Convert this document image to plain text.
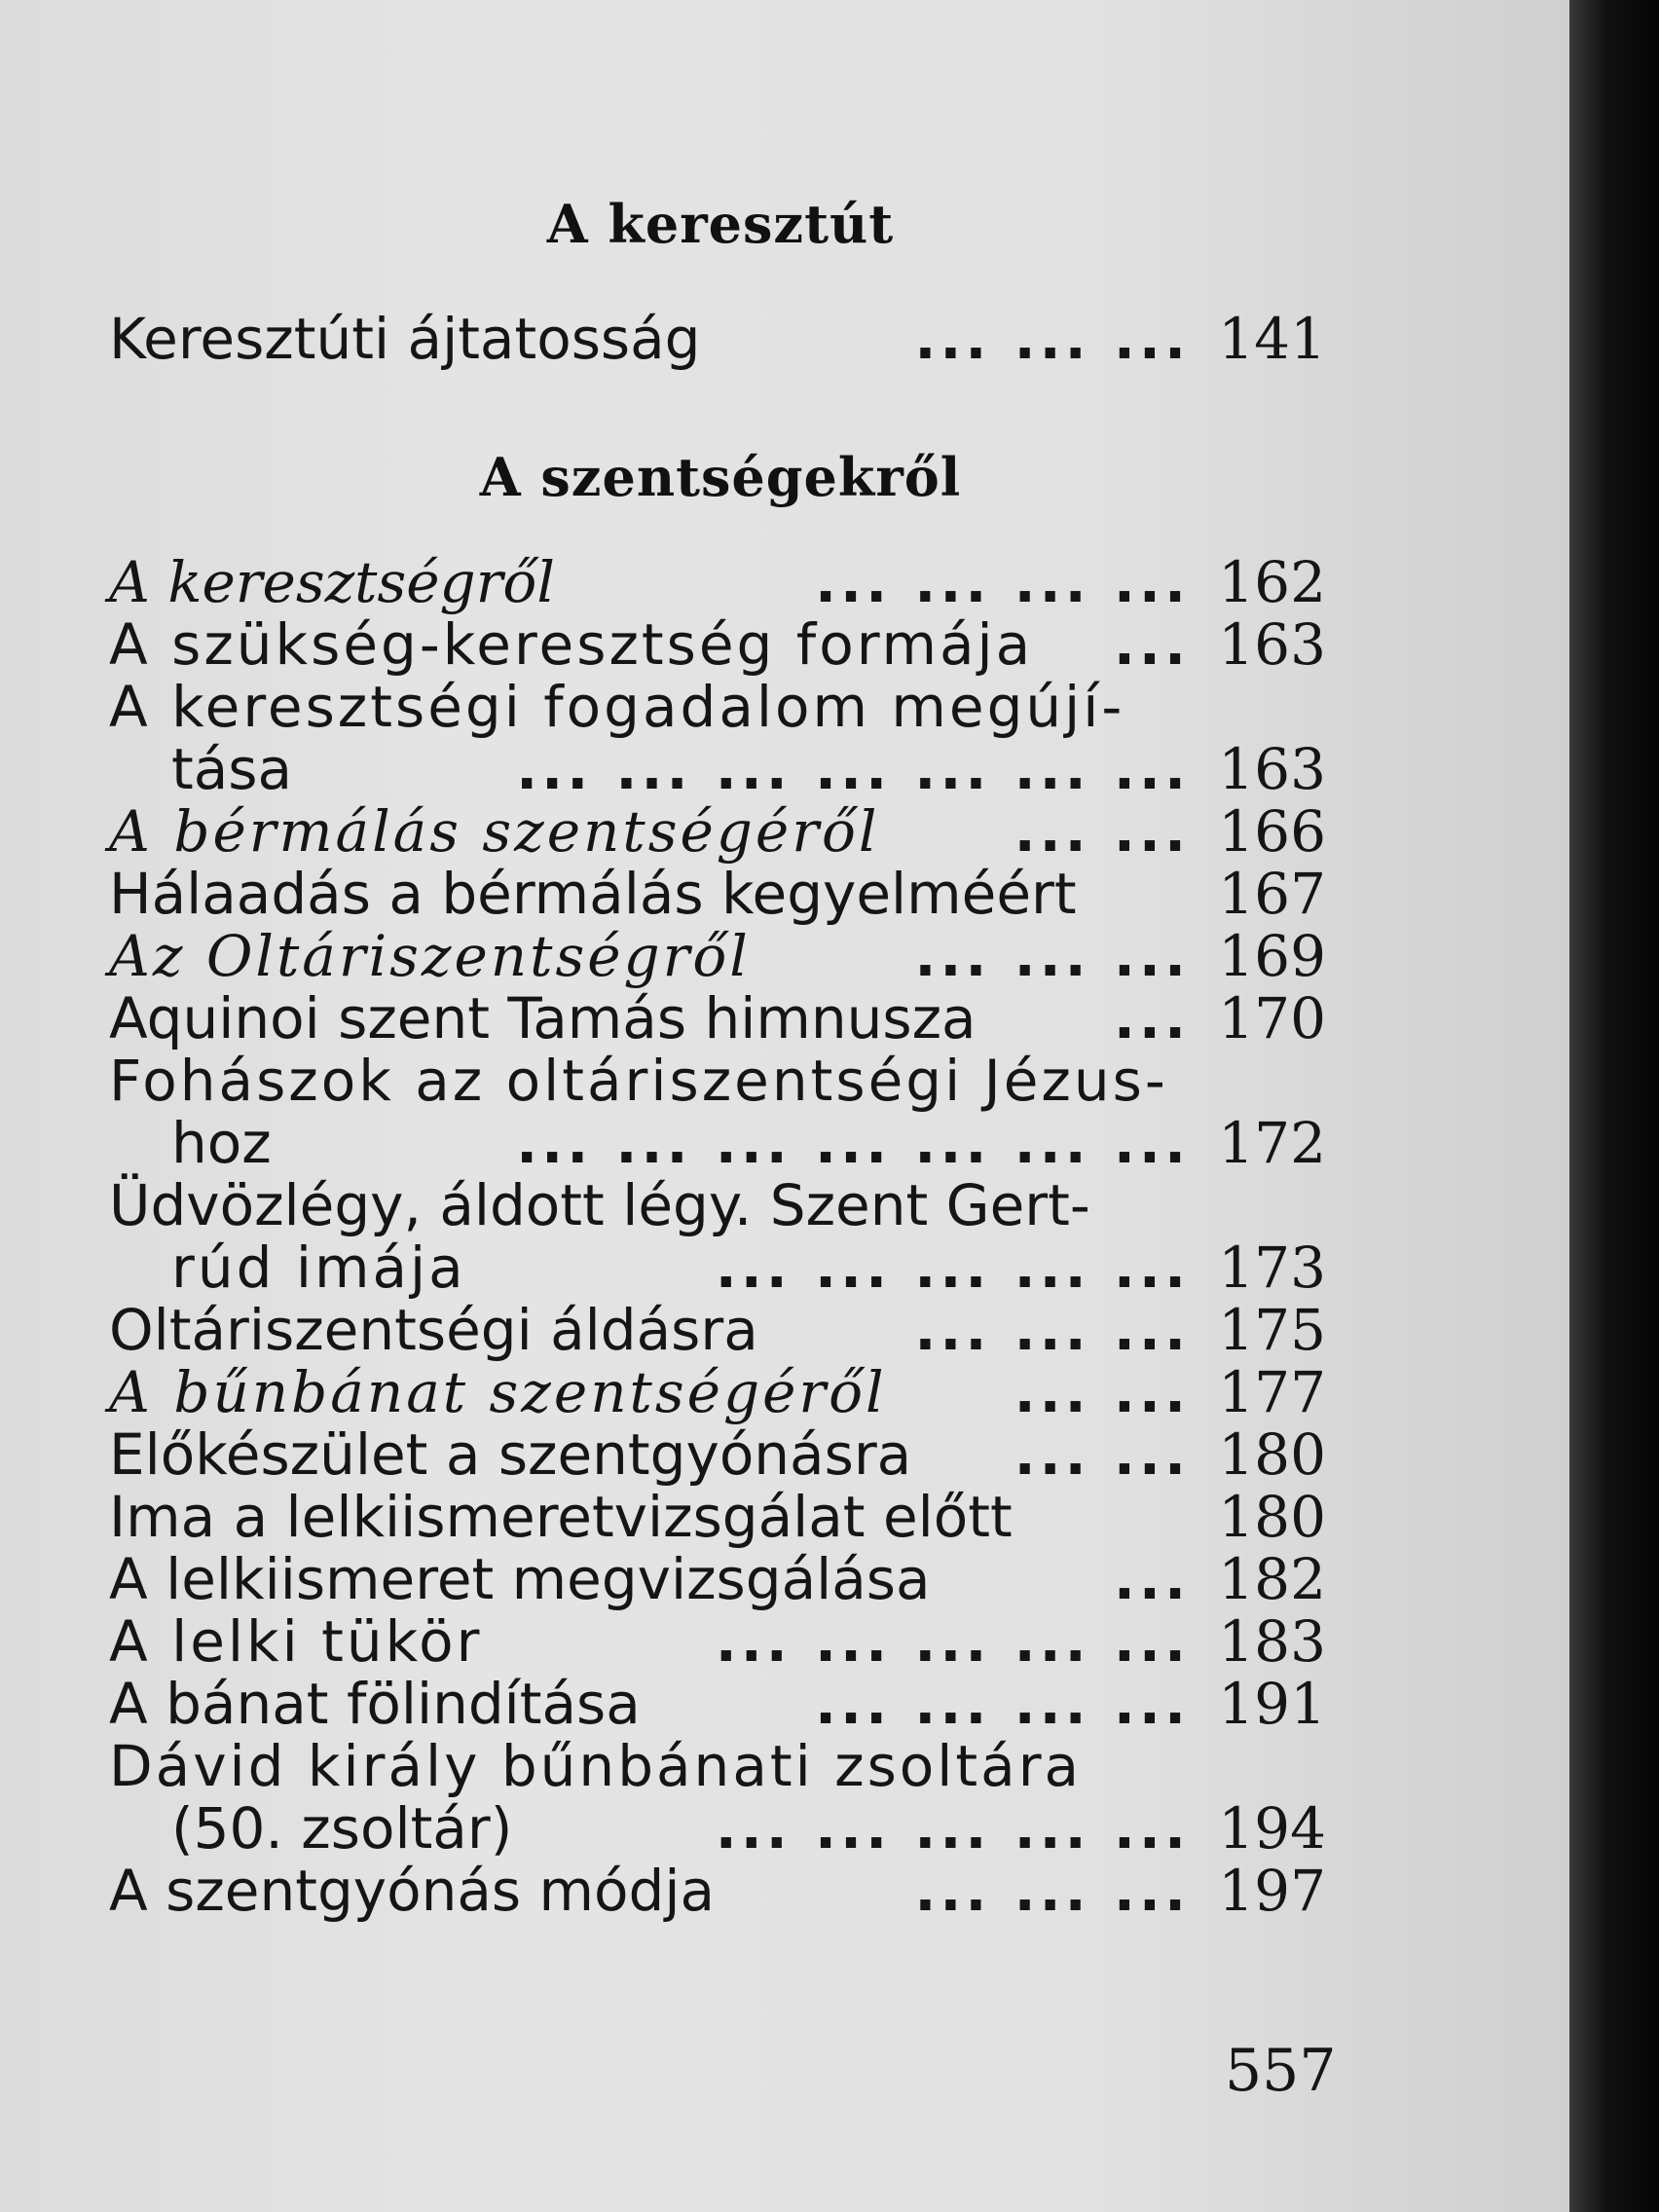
A keresztút
Keresztúti ájtatosság	... ... ... 141
A szentségekről
A keresztségről	... ... ... ... 162
A szükség-keresztség formája ... 163
A keresztségi fogadalom megújí-
tása	... ... ... ... ... ... ... 163
A bérmálás szentségéről ... ... 166
Hálaadás a bérmálás kegyelméért	167
Az Oltáriszentségről	... ... ... 169
Aquinoi szent Tamás himnusza ... 170
Fohászok az oltáriszentségi Jézus-
hoz	... ... ... ... ... ... ... 172
Üdvözlégy, áldott légy. Szent Gert-
rúd imája	... ... ... ... ... 173
Oltáriszentségi áldásra	... ... ... 175
A bűnbánat szentségéről ... ... 177
Előkészület a szentgyónásra ... ... 180
Ima a lelkiismeretvizsgálat előtt	180
A lelkiismeret megvizsgálása	... 182
A lelki tükör	... ... ... ... ... 183
A bánat fölindítása	... ... ... ... 191
Dávid király bűnbánati zsoltára
(50. zsoltár)	... ... ... ... ... 194
A szentgyónás módja	... ... ... 197
557
